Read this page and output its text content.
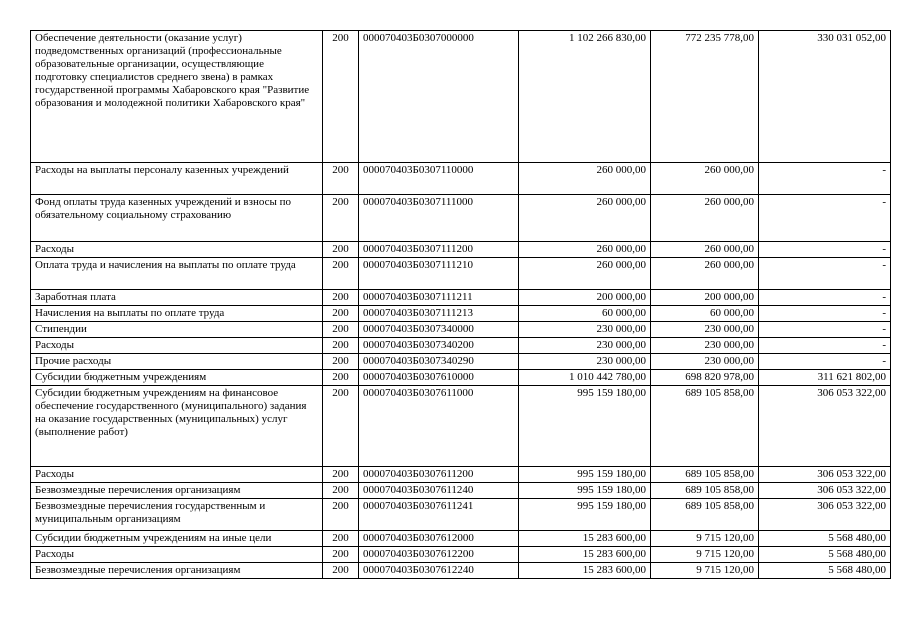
Обеспечение деятельности (оказание услуг) подведомственных организаций (профессиональные образовательные организации, осуществляющие подготовку специалистов среднего звена) в рамках государственной программы Хабаровского края "Развитие образования и молодежной политики Хабаровского края"	200	000070403Б0307000000	1 102 266 830,00	772 235 778,00	330 031 052,00
Расходы на выплаты персоналу казенных учреждений	200	000070403Б0307110000	260 000,00	260 000,00	-
Фонд оплаты труда казенных учреждений и взносы по обязательному социальному страхованию	200	000070403Б0307111000	260 000,00	260 000,00	-
Расходы	200	000070403Б0307111200	260 000,00	260 000,00	-
Оплата труда и начисления на выплаты по оплате труда	200	000070403Б0307111210	260 000,00	260 000,00	-
Заработная плата	200	000070403Б0307111211	200 000,00	200 000,00	-
Начисления на выплаты по оплате труда	200	000070403Б0307111213	60 000,00	60 000,00	-
Стипендии	200	000070403Б0307340000	230 000,00	230 000,00	-
Расходы	200	000070403Б0307340200	230 000,00	230 000,00	-
Прочие расходы	200	000070403Б0307340290	230 000,00	230 000,00	-
Субсидии бюджетным учреждениям	200	000070403Б0307610000	1 010 442 780,00	698 820 978,00	311 621 802,00
Субсидии бюджетным учреждениям на финансовое обеспечение государственного (муниципального) задания на оказание государственных (муниципальных) услуг (выполнение работ)	200	000070403Б0307611000	995 159 180,00	689 105 858,00	306 053 322,00
Расходы	200	000070403Б0307611200	995 159 180,00	689 105 858,00	306 053 322,00
Безвозмездные перечисления организациям	200	000070403Б0307611240	995 159 180,00	689 105 858,00	306 053 322,00
Безвозмездные перечисления государственным и муниципальным организациям	200	000070403Б0307611241	995 159 180,00	689 105 858,00	306 053 322,00
Субсидии бюджетным учреждениям на иные цели	200	000070403Б0307612000	15 283 600,00	9 715 120,00	5 568 480,00
Расходы	200	000070403Б0307612200	15 283 600,00	9 715 120,00	5 568 480,00
Безвозмездные перечисления организациям	200	000070403Б0307612240	15 283 600,00	9 715 120,00	5 568 480,00
